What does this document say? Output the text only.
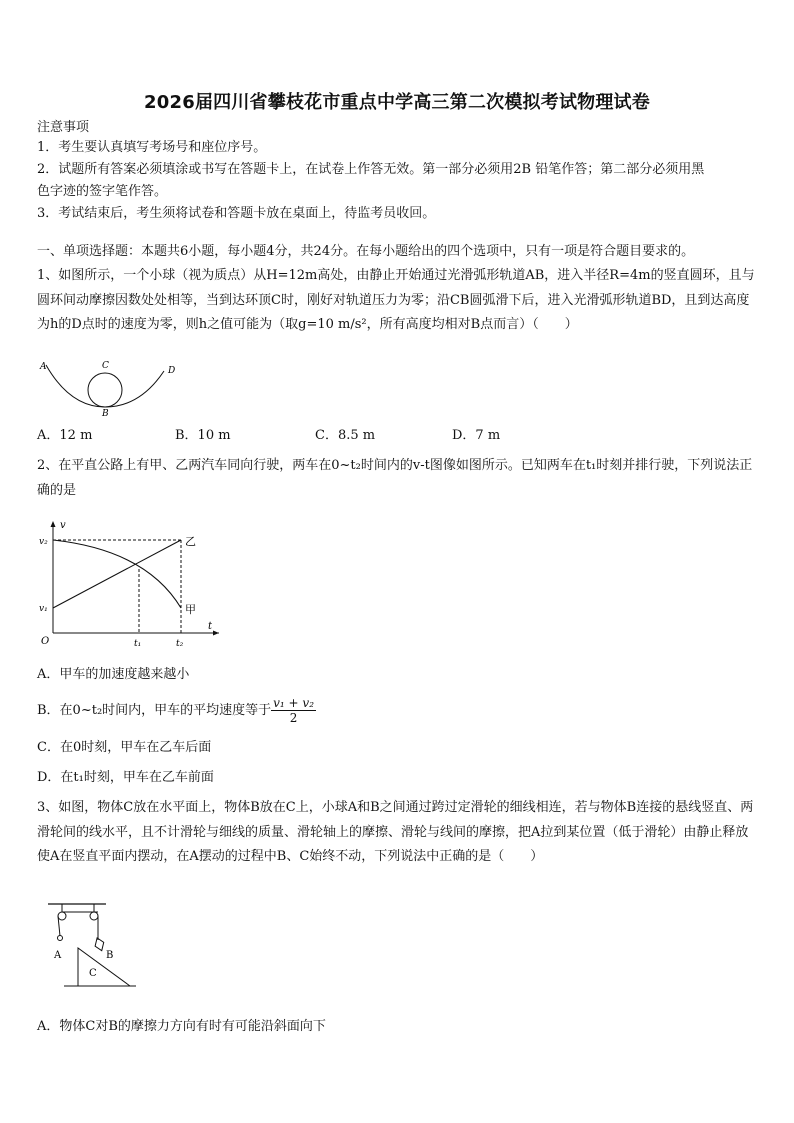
2026届四川省攀枝花市重点中学高三第二次模拟考试物理试卷
注意事项
1．考生要认真填写考场号和座位序号。
2．试题所有答案必须填涂或书写在答题卡上，在试卷上作答无效。第一部分必须用2B 铅笔作答；第二部分必须用黑
色字迹的签字笔作答。
3．考试结束后，考生须将试卷和答题卡放在桌面上，待监考员收回。
一、单项选择题：本题共6小题，每小题4分，共24分。在每小题给出的四个选项中，只有一项是符合题目要求的。
1、如图所示，一个小球（视为质点）从H=12m高处，由静止开始通过光滑弧形轨道AB，进入半径R=4m的竖直圆环，且与圆环间动摩擦因数处处相等，当到达环顶C时，刚好对轨道压力为零；沿CB圆弧滑下后，进入光滑弧形轨道BD，且到达高度为h的D点时的速度为零，则h之值可能为（取g=10 m/s²，所有高度均相对B点而言）（　　）
A	C	D
B
A．12 m	B．10 m	C．8.5 m	D．7 m
2、在平直公路上有甲、乙两汽车同向行驶，两车在0~t₂时间内的v-t图像如图所示。已知两车在t₁时刻并排行驶，下列说法正确的是
v
t
O
v₂
v₁
t₁	t₂
乙
甲
A．甲车的加速度越来越小
B．在0~t₂时间内，甲车的平均速度等于 $\frac{\text{v₁ + v₂}}{2}$
C．在0时刻，甲车在乙车后面
D．在t₁时刻，甲车在乙车前面
3、如图，物体C放在水平面上，物体B放在C上，小球A和B之间通过跨过定滑轮的细线相连，若与物体B连接的悬线竖直、两滑轮间的线水平，且不计滑轮与细线的质量、滑轮轴上的摩擦、滑轮与线间的摩擦，把A拉到某位置（低于滑轮）由静止释放使A在竖直平面内摆动，在A摆动的过程中B、C始终不动，下列说法中正确的是（　　）
A	B
C
A．物体C对B的摩擦力方向有时有可能沿斜面向下
